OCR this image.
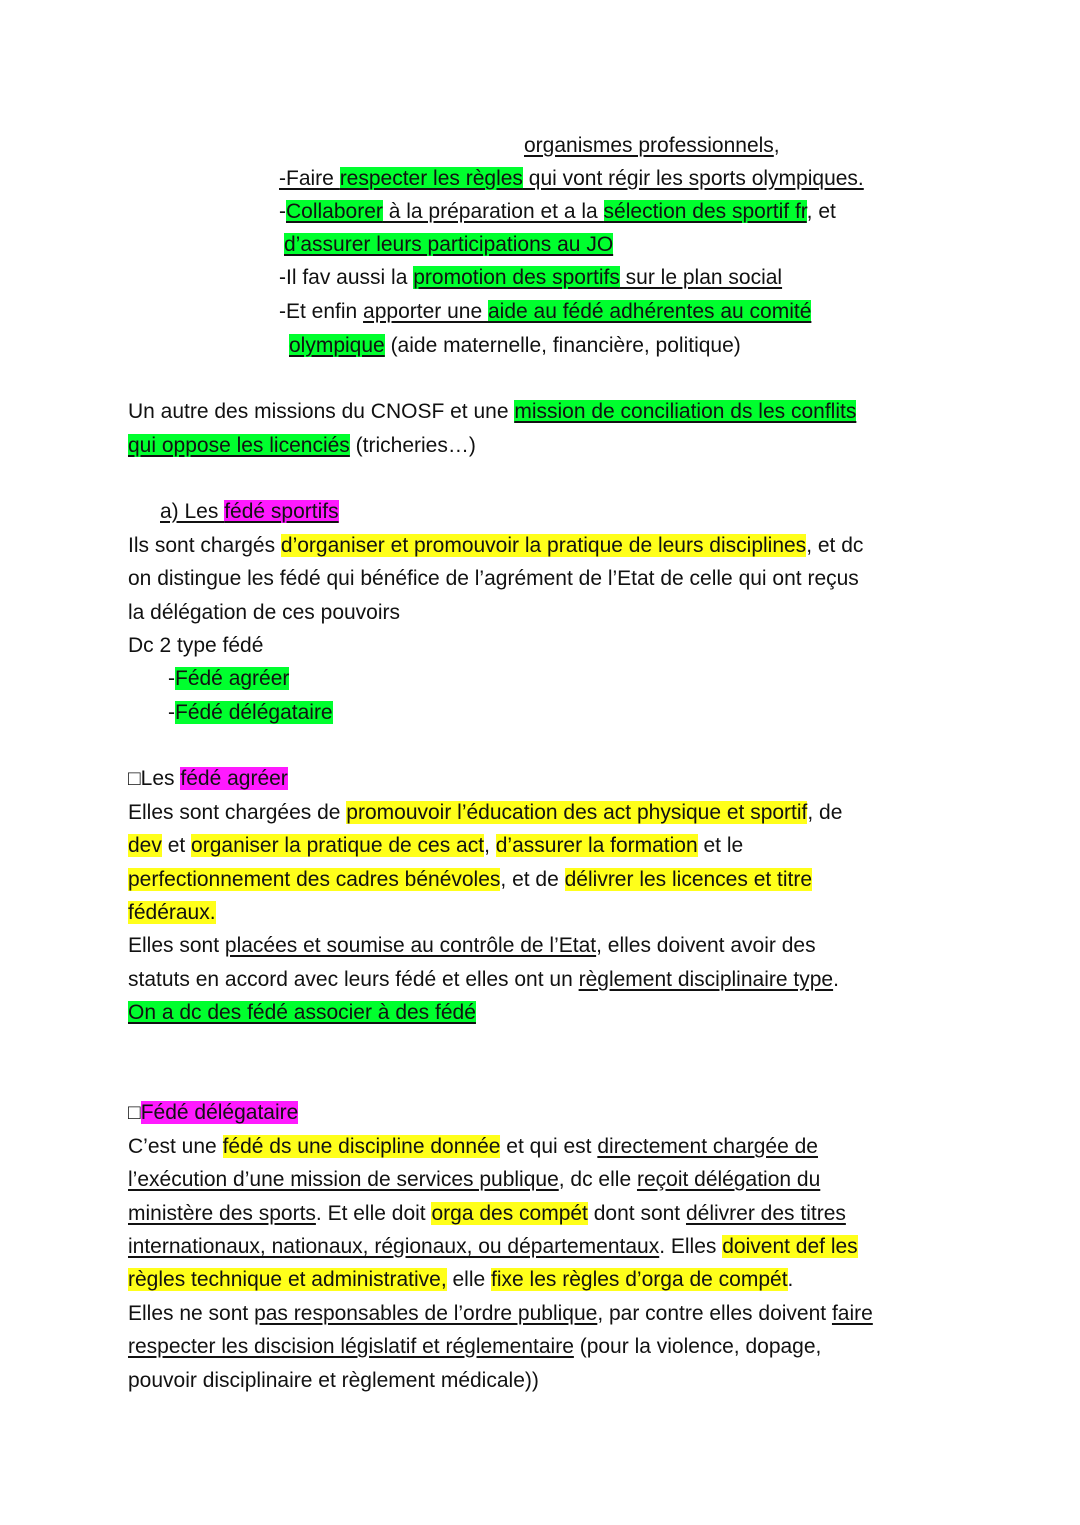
organismes professionnels,
-Faire respecter les règles qui vont régir les sports olympiques.
-Collaborer à la préparation et a la sélection des sportif fr, et
d’assurer leurs participations au JO
-Il fav aussi la promotion des sportifs sur le plan social
-Et enfin apporter une aide au fédé adhérentes au comité
olympique (aide maternelle, financière, politique)
Un autre des missions du CNOSF et une mission de conciliation ds les conflits
qui oppose les licenciés (tricheries…)
a) Les fédé sportifs
Ils sont chargés d’organiser et promouvoir la pratique de leurs disciplines, et dc
on distingue les fédé qui bénéfice de l’agrément de l’Etat de celle qui ont reçus
la délégation de ces pouvoirs
Dc 2 type fédé
-Fédé agréer
-Fédé délégataire
□Les fédé agréer
Elles sont chargées de promouvoir l’éducation des act physique et sportif, de
dev et organiser la pratique de ces act, d’assurer la formation et le
perfectionnement des cadres bénévoles, et de délivrer les licences et titre
fédéraux.
Elles sont placées et soumise au contrôle de l’Etat, elles doivent avoir des
statuts en accord avec leurs fédé et elles ont un règlement disciplinaire type.
On a dc des fédé associer à des fédé
□Fédé délégataire
C’est une fédé ds une discipline donnée et qui est directement chargée de
l’exécution d’une mission de services publique, dc elle reçoit délégation du
ministère des sports. Et elle doit orga des compét dont sont délivrer des titres
internationaux, nationaux, régionaux, ou départementaux. Elles doivent def les
règles technique et administrative, elle fixe les règles d’orga de compét.
Elles ne sont pas responsables de l’ordre publique, par contre elles doivent faire
respecter les discision législatif et réglementaire (pour la violence, dopage,
pouvoir disciplinaire et règlement médicale))
